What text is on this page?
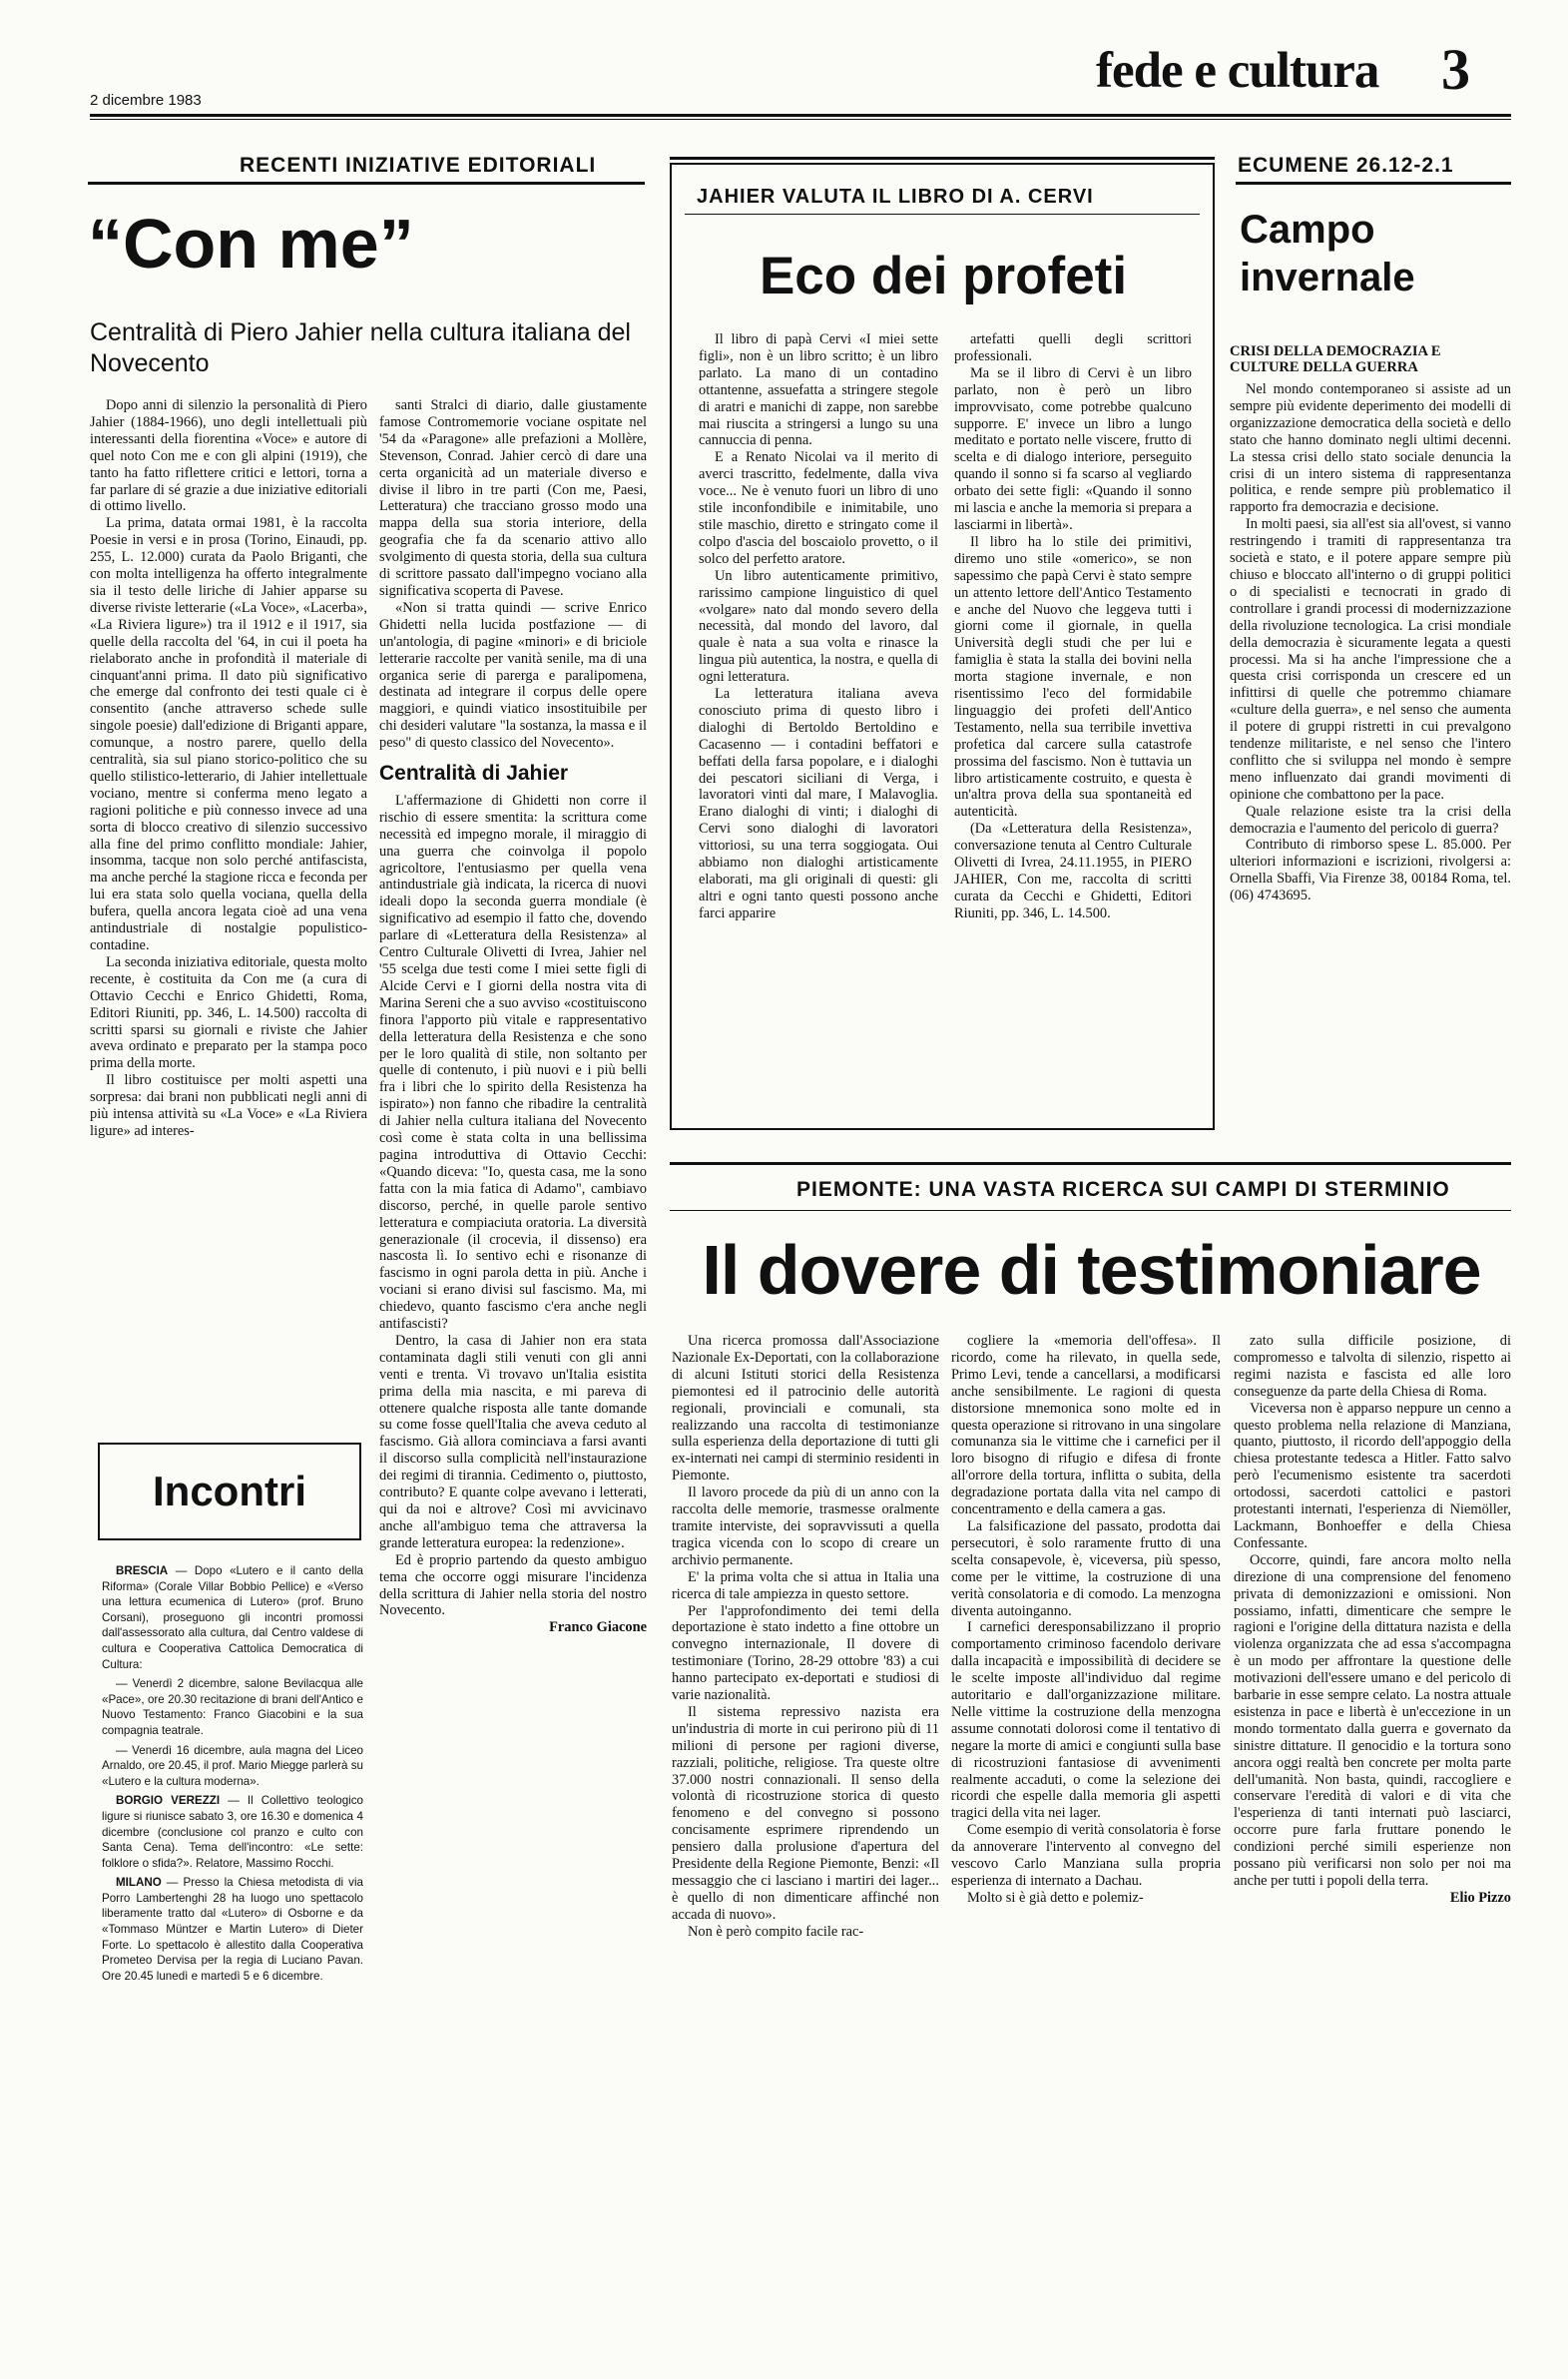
2 dicembre 1983
fede e cultura 3
RECENTI INIZIATIVE EDITORIALI
“Con me”
Centralità di Piero Jahier nella cultura italiana del Novecento

Dopo anni di silenzio la personalità di Piero Jahier (1884-1966), uno degli intellettuali più interessanti della fiorentina «Voce» e autore di quel noto Con me e con gli alpini (1919), che tanto ha fatto riflettere critici e lettori, torna a far parlare di sé grazie a due iniziative editoriali di ottimo livello.

La prima, datata ormai 1981, è la raccolta Poesie in versi e in prosa (Torino, Einaudi, pp. 255, L. 12.000) curata da Paolo Briganti, che con molta intelligenza ha offerto integralmente sia il testo delle liriche di Jahier apparse su diverse riviste letterarie («La Voce», «Lacerba», «La Riviera ligure») tra il 1912 e il 1917, sia quelle della raccolta del '64, in cui il poeta ha rielaborato anche in profondità il materiale di cinquant'anni prima. Il dato più significativo che emerge dal confronto dei testi quale ci è consentito (anche attraverso schede sulle singole poesie) dall'edizione di Briganti appare, comunque, a nostro parere, quello della centralità, sia sul piano storico-politico che su quello stilistico-letterario, di Jahier intellettuale vociano, mentre si conferma meno legato a ragioni politiche e più connesso invece ad una sorta di blocco creativo di silenzio successivo alla fine del primo conflitto mondiale: Jahier, insomma, tacque non solo perché antifascista, ma anche perché la stagione ricca e feconda per lui era stata solo quella vociana, quella della bufera, quella ancora legata cioè ad una vena antindustriale di nostalgie populistico-contadine.

La seconda iniziativa editoriale, questa molto recente, è costituita da Con me (a cura di Ottavio Cecchi e Enrico Ghidetti, Roma, Editori Riuniti, pp. 346, L. 14.500) raccolta di scritti sparsi su giornali e riviste che Jahier aveva ordinato e preparato per la stampa poco prima della morte.

Il libro costituisce per molti aspetti una sorpresa: dai brani non pubblicati negli anni di più intensa attività su «La Voce» e «La Riviera ligure» ad interes-

santi Stralci di diario, dalle giustamente famose Contromemorie vociane ospitate nel '54 da «Paragone» alle prefazioni a Mollère, Stevenson, Conrad. Jahier cercò di dare una certa organicità ad un materiale diverso e divise il libro in tre parti (Con me, Paesi, Letteratura) che tracciano grosso modo una mappa della sua storia interiore, della geografia che fa da scenario attivo allo svolgimento di questa storia, della sua cultura di scrittore passato dall'impegno vociano alla significativa scoperta di Pavese.

«Non si tratta quindi — scrive Enrico Ghidetti nella lucida postfazione — di un'antologia, di pagine «minori» e di briciole letterarie raccolte per vanità senile, ma di una organica serie di parerga e paralipomena, destinata ad integrare il corpus delle opere maggiori, e quindi viatico insostituibile per chi desideri valutare "la sostanza, la massa e il peso" di questo classico del Novecento».

Centralità di Jahier

L'affermazione di Ghidetti non corre il rischio di essere smentita: la scrittura come necessità ed impegno morale, il miraggio di una guerra che coinvolga il popolo agricoltore, l'entusiasmo per quella vena antindustriale già indicata, la ricerca di nuovi ideali dopo la seconda guerra mondiale (è significativo ad esempio il fatto che, dovendo parlare di «Letteratura della Resistenza» al Centro Culturale Olivetti di Ivrea, Jahier nel '55 scelga due testi come I miei sette figli di Alcide Cervi e I giorni della nostra vita di Marina Sereni che a suo avviso «costituiscono finora l'apporto più vitale e rappresentativo della letteratura della Resistenza e che sono per le loro qualità di stile, non soltanto per quelle di contenuto, i più nuovi e i più belli fra i libri che lo spirito della Resistenza ha ispirato») non fanno che ribadire la centralità di Jahier nella cultura italiana del Novecento così come è stata colta in una bellissima pagina introduttiva di Ottavio Cecchi: «Quando diceva: "Io, questa casa, me la sono fatta con la mia fatica di Adamo", cambiavo discorso, perché, in quelle parole sentivo letteratura e compiaciuta oratoria. La diversità generazionale (il crocevia, il dissenso) era nascosta lì. Io sentivo echi e risonanze di fascismo in ogni parola detta in più. Anche i vociani si erano divisi sul fascismo. Ma, mi chiedevo, quanto fascismo c'era anche negli antifascisti?

Dentro, la casa di Jahier non era stata contaminata dagli stili venuti con gli anni venti e trenta. Vi trovavo un'Italia esistita prima della mia nascita, e mi pareva di ottenere qualche risposta alle tante domande su come fosse quell'Italia che aveva ceduto al fascismo. Già allora cominciava a farsi avanti il discorso sulla complicità nell'instaurazione dei regimi di tirannia. Cedimento o, piuttosto, contributo? E quante colpe avevano i letterati, qui da noi e altrove? Così mi avvicinavo anche all'ambiguo tema che attraversa la grande letteratura europea: la redenzione».

Ed è proprio partendo da questo ambiguo tema che occorre oggi misurare l'incidenza della scrittura di Jahier nella storia del nostro Novecento.

Franco Giacone
Incontri

BRESCIA — Dopo «Lutero e il canto della Riforma» (Corale Villar Bobbio Pellice) e «Verso una lettura ecumenica di Lutero» (prof. Bruno Corsani), proseguono gli incontri promossi dall'assessorato alla cultura, dal Centro valdese di cultura e Cooperativa Cattolica Democratica di Cultura:

— Venerdì 2 dicembre, salone Bevilacqua alle «Pace», ore 20.30 recitazione di brani dell'Antico e Nuovo Testamento: Franco Giacobini e la sua compagnia teatrale.

— Venerdì 16 dicembre, aula magna del Liceo Arnaldo, ore 20.45, il prof. Mario Miegge parlerà su «Lutero e la cultura moderna».

BORGIO VEREZZI — Il Collettivo teologico ligure si riunisce sabato 3, ore 16.30 e domenica 4 dicembre (conclusione col pranzo e culto con Santa Cena). Tema dell'incontro: «Le sette: folklore o sfida?». Relatore, Massimo Rocchi.

MILANO — Presso la Chiesa metodista di via Porro Lambertenghi 28 ha luogo uno spettacolo liberamente tratto dal «Lutero» di Osborne e da «Tommaso Müntzer e Martin Lutero» di Dieter Forte. Lo spettacolo è allestito dalla Cooperativa Prometeo Dervisa per la regia di Luciano Pavan. Ore 20.45 lunedì e martedì 5 e 6 dicembre.

JAHIER VALUTA IL LIBRO DI A. CERVI
Eco dei profeti

Il libro di papà Cervi «I miei sette figli», non è un libro scritto; è un libro parlato. La mano di un contadino ottantenne, assuefatta a stringere stegole di aratri e manichi di zappe, non sarebbe mai riuscita a stringersi a lungo su una cannuccia di penna.

E a Renato Nicolai va il merito di averci trascritto, fedelmente, dalla viva voce... Ne è venuto fuori un libro di uno stile inconfondibile e inimitabile, uno stile maschio, diretto e stringato come il colpo d'ascia del boscaiolo provetto, o il solco del perfetto aratore.

Un libro autenticamente primitivo, rarissimo campione linguistico di quel «volgare» nato dal mondo severo della necessità, dal mondo del lavoro, dal quale è nata a sua volta e rinasce la lingua più autentica, la nostra, e quella di ogni letteratura.

La letteratura italiana aveva conosciuto prima di questo libro i dialoghi di Bertoldo Bertoldino e Cacasenno — i contadini beffatori e beffati della farsa popolare, e i dialoghi dei pescatori siciliani di Verga, i lavoratori vinti dal mare, I Malavoglia. Erano dialoghi di vinti; i dialoghi di Cervi sono dialoghi di lavoratori vittoriosi, su una terra soggiogata. Oui abbiamo non dialoghi artisticamente elaborati, ma gli originali di questi: gli altri e ogni tanto questi possono anche farci apparire

artefatti quelli degli scrittori professionali.

Ma se il libro di Cervi è un libro parlato, non è però un libro improvvisato, come potrebbe qualcuno supporre. E' invece un libro a lungo meditato e portato nelle viscere, frutto di scelta e di dialogo interiore, perseguito quando il sonno si fa scarso al vegliardo orbato dei sette figli: «Quando il sonno mi lascia e anche la memoria si prepara a lasciarmi in libertà».

Il libro ha lo stile dei primitivi, diremo uno stile «omerico», se non sapessimo che papà Cervi è stato sempre un attento lettore dell'Antico Testamento e anche del Nuovo che leggeva tutti i giorni come il giornale, in quella Università degli studi che per lui e famiglia è stata la stalla dei bovini nella morta stagione invernale, e non risentissimo l'eco del formidabile linguaggio dei profeti dell'Antico Testamento, nella sua terribile invettiva profetica dal carcere sulla catastrofe prossima del fascismo. Non è tuttavia un libro artisticamente costruito, e questa è un'altra prova della sua spontaneità ed autenticità.

(Da «Letteratura della Resistenza», conversazione tenuta al Centro Culturale Olivetti di Ivrea, 24.11.1955, in PIERO JAHIER, Con me, raccolta di scritti curata da Cecchi e Ghidetti, Editori Riuniti, pp. 346, L. 14.500.

ECUMENE 26.12-2.1
Campo invernale
CRISI DELLA DEMOCRAZIA E CULTURE DELLA GUERRA

Nel mondo contemporaneo si assiste ad un sempre più evidente deperimento dei modelli di organizzazione democratica della società e dello stato che hanno dominato negli ultimi decenni. La stessa crisi dello stato sociale denuncia la crisi di un intero sistema di rappresentanza politica, e rende sempre più problematico il rapporto fra democrazia e decisione.

In molti paesi, sia all'est sia all'ovest, si vanno restringendo i tramiti di rappresentanza tra società e stato, e il potere appare sempre più chiuso e bloccato all'interno o di gruppi politici o di specialisti e tecnocrati in grado di controllare i grandi processi di modernizzazione della rivoluzione tecnologica. La crisi mondiale della democrazia è sicuramente legata a questi processi. Ma si ha anche l'impressione che a questa crisi corrisponda un crescere ed un infittirsi di quelle che potremmo chiamare «culture della guerra», e nel senso che aumenta il potere di gruppi ristretti in cui prevalgono tendenze militariste, e nel senso che l'intero conflitto che si sviluppa nel mondo è sempre meno influenzato dai grandi movimenti di opinione che combattono per la pace.

Quale relazione esiste tra la crisi della democrazia e l'aumento del pericolo di guerra?

Contributo di rimborso spese L. 85.000. Per ulteriori informazioni e iscrizioni, rivolgersi a: Ornella Sbaffi, Via Firenze 38, 00184 Roma, tel. (06) 4743695.

PIEMONTE: UNA VASTA RICERCA SUI CAMPI DI STERMINIO
Il dovere di testimoniare

Una ricerca promossa dall'Associazione Nazionale Ex-Deportati, con la collaborazione di alcuni Istituti storici della Resistenza piemontesi ed il patrocinio delle autorità regionali, provinciali e comunali, sta realizzando una raccolta di testimonianze sulla esperienza della deportazione di tutti gli ex-internati nei campi di sterminio residenti in Piemonte.

Il lavoro procede da più di un anno con la raccolta delle memorie, trasmesse oralmente tramite interviste, dei sopravvissuti a quella tragica vicenda con lo scopo di creare un archivio permanente.

E' la prima volta che si attua in Italia una ricerca di tale ampiezza in questo settore.

Per l'approfondimento dei temi della deportazione è stato indetto a fine ottobre un convegno internazionale, Il dovere di testimoniare (Torino, 28-29 ottobre '83) a cui hanno partecipato ex-deportati e studiosi di varie nazionalità.

Il sistema repressivo nazista era un'industria di morte in cui perirono più di 11 milioni di persone per ragioni diverse, razziali, politiche, religiose. Tra queste oltre 37.000 nostri connazionali. Il senso della volontà di ricostruzione storica di questo fenomeno e del convegno si possono concisamente esprimere riprendendo un pensiero dalla prolusione d'apertura del Presidente della Regione Piemonte, Benzi: «Il messaggio che ci lasciano i martiri dei lager... è quello di non dimenticare affinché non accada di nuovo».

Non è però compito facile rac-

cogliere la «memoria dell'offesa». Il ricordo, come ha rilevato, in quella sede, Primo Levi, tende a cancellarsi, a modificarsi anche sensibilmente. Le ragioni di questa distorsione mnemonica sono molte ed in questa operazione si ritrovano in una singolare comunanza sia le vittime che i carnefici per il loro bisogno di rifugio e difesa di fronte all'orrore della tortura, inflitta o subita, della degradazione portata dalla vita nel campo di concentramento e della camera a gas.

La falsificazione del passato, prodotta dai persecutori, è solo raramente frutto di una scelta consapevole, è, viceversa, più spesso, come per le vittime, la costruzione di una verità consolatoria e di comodo. La menzogna diventa autoinganno.

I carnefici deresponsabilizzano il proprio comportamento criminoso facendolo derivare dalla incapacità e impossibilità di decidere se le scelte imposte all'individuo dal regime autoritario e dall'organizzazione militare. Nelle vittime la costruzione della menzogna assume connotati dolorosi come il tentativo di negare la morte di amici e congiunti sulla base di ricostruzioni fantasiose di avvenimenti realmente accaduti, o come la selezione dei ricordi che espelle dalla memoria gli aspetti tragici della vita nei lager.

Come esempio di verità consolatoria è forse da annoverare l'intervento al convegno del vescovo Carlo Manziana sulla propria esperienza di internato a Dachau.

Molto si è già detto e polemiz-

zato sulla difficile posizione, di compromesso e talvolta di silenzio, rispetto ai regimi nazista e fascista ed alle loro conseguenze da parte della Chiesa di Roma.

Viceversa non è apparso neppure un cenno a questo problema nella relazione di Manziana, quanto, piuttosto, il ricordo dell'appoggio della chiesa protestante tedesca a Hitler. Fatto salvo però l'ecumenismo esistente tra sacerdoti ortodossi, sacerdoti cattolici e pastori protestanti internati, l'esperienza di Niemöller, Lackmann, Bonhoeffer e della Chiesa Confessante.

Occorre, quindi, fare ancora molto nella direzione di una comprensione del fenomeno privata di demonizzazioni e omissioni. Non possiamo, infatti, dimenticare che sempre le ragioni e l'origine della dittatura nazista e della violenza organizzata che ad essa s'accompagna è un modo per affrontare la questione delle motivazioni dell'essere umano e del pericolo di barbarie in esse sempre celato. La nostra attuale esistenza in pace e libertà è un'eccezione in un mondo tormentato dalla guerra e governato da sinistre dittature. Il genocidio e la tortura sono ancora oggi realtà ben concrete per molta parte dell'umanità. Non basta, quindi, raccogliere e conservare l'eredità di valori e di vita che l'esperienza di tanti internati può lasciarci, occorre pure farla fruttare ponendo le condizioni perché simili esperienze non possano più verificarsi non solo per noi ma anche per tutti i popoli della terra.

Elio Pizzo
